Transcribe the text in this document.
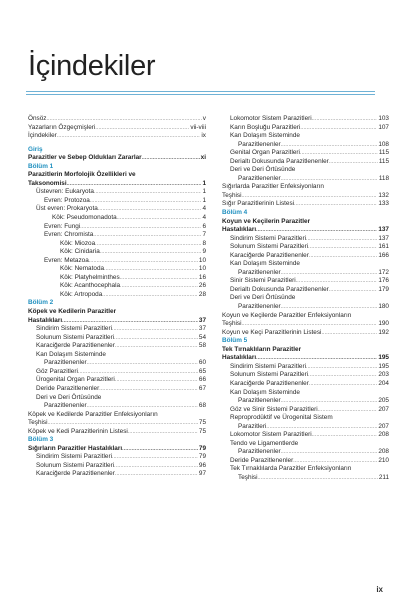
İçindekiler
Önsöz .....	v
Yazarların Özgeçmişleri .....	vii-viii
İçindekiler .....	ix
Giriş
Parazitler ve Sebep Oldukları Zararlar .....	xi
Bölüm 1
Parazitlerin Morfolojik Özellikleri ve
Taksonomisi .....	1
Üstevren: Eukaryota .....	1
Evren: Protozoa .....	1
Üst evren: Prokaryota .....	4
Kök: Pseudomonadota .....	4
Evren: Fungi .....	6
Evren: Chromista .....	7
Kök: Miozoa .....	8
Kök: Cinidaria .....	9
Evren: Metazoa .....	10
Kök: Nematoda .....	10
Kök: Platyhelminthes .....	16
Kök: Acanthocephala .....	26
Kök: Artropoda .....	28
Bölüm 2
Köpek ve Kedilerin Parazitler
Hastalıkları .....	37
Sindirim Sistemi Parazitleri .....	37
Solunum Sistemi Parazitleri .....	54
Karaciğerde Parazitlenenler .....	58
Kan Dolaşım Sisteminde
Parazitlenenler .....	60
Göz Parazitleri .....	65
Ürogenital Organ Parazitleri .....	66
Deride Parazitlenenler .....	67
Deri ve Deri Örtüsünde
Parazitlenenler .....	68
Köpek ve Kedilerde Parazitler Enfeksiyonların
Teşhisi .....	75
Köpek ve Kedi Parazitlerinin Listesi .....	75
Bölüm 3
Sığırların Parazitler Hastalıkları .....	79
Sindirim Sistemi Parazitleri .....	79
Solunum Sistemi Parazitleri .....	96
Karaciğerde Parazitlenenler .....	97
Lokomotor Sistem Parazitleri .....	103
Karın Boşluğu Parazitleri .....	107
Kan Dolaşım Sisteminde
Parazitlenenler .....	108
Genital Organ Parazitleri .....	115
Derialtı Dokusunda Parazitlenenler .....	115
Deri ve Deri Örtüsünde
Parazitlenenler .....	118
Sığırlarda Parazitler Enfeksiyonların
Teşhisi .....	132
Sığır Parazitlerinin Listesi .....	133
Bölüm 4
Koyun ve Keçilerin Parazitler
Hastalıkları .....	137
Sindirim Sistemi Parazitleri .....	137
Solunum Sistemi Parazitleri .....	161
Karaciğerde Parazitlenenler .....	166
Kan Dolaşım Sisteminde
Parazitlenenler .....	172
Sinir Sistemi Parazitleri .....	176
Derialtı Dokusunda Parazitlenenler .....	179
Deri ve Deri Örtüsünde
Parazitlenenler .....	180
Koyun ve Keçilerde Parazitler Enfeksiyonların
Teşhisi .....	190
Koyun ve Keçi Parazitlerinin Listesi .....	192
Bölüm 5
Tek Tırnaklıların Parazitler
Hastalıkları .....	195
Sindirim Sistemi Parazitleri .....	195
Solunum Sistemi Parazitleri .....	203
Karaciğerde Parazitlenenler .....	204
Kan Dolaşım Sisteminde
Parazitlenenler .....	205
Göz ve Sinir Sistemi Parazitleri .....	207
Reproprodüktif ve Ürogenital Sistem
Parazitleri .....	207
Lokomotor Sistem Parazitleri .....	208
Tendo ve Ligamentlerde
Parazitlenenler .....	208
Deride Parazitlenenler .....	210
Tek Tırnaklılarda Parazitler Enfeksiyonların
Teşhisi .....	211
ix
